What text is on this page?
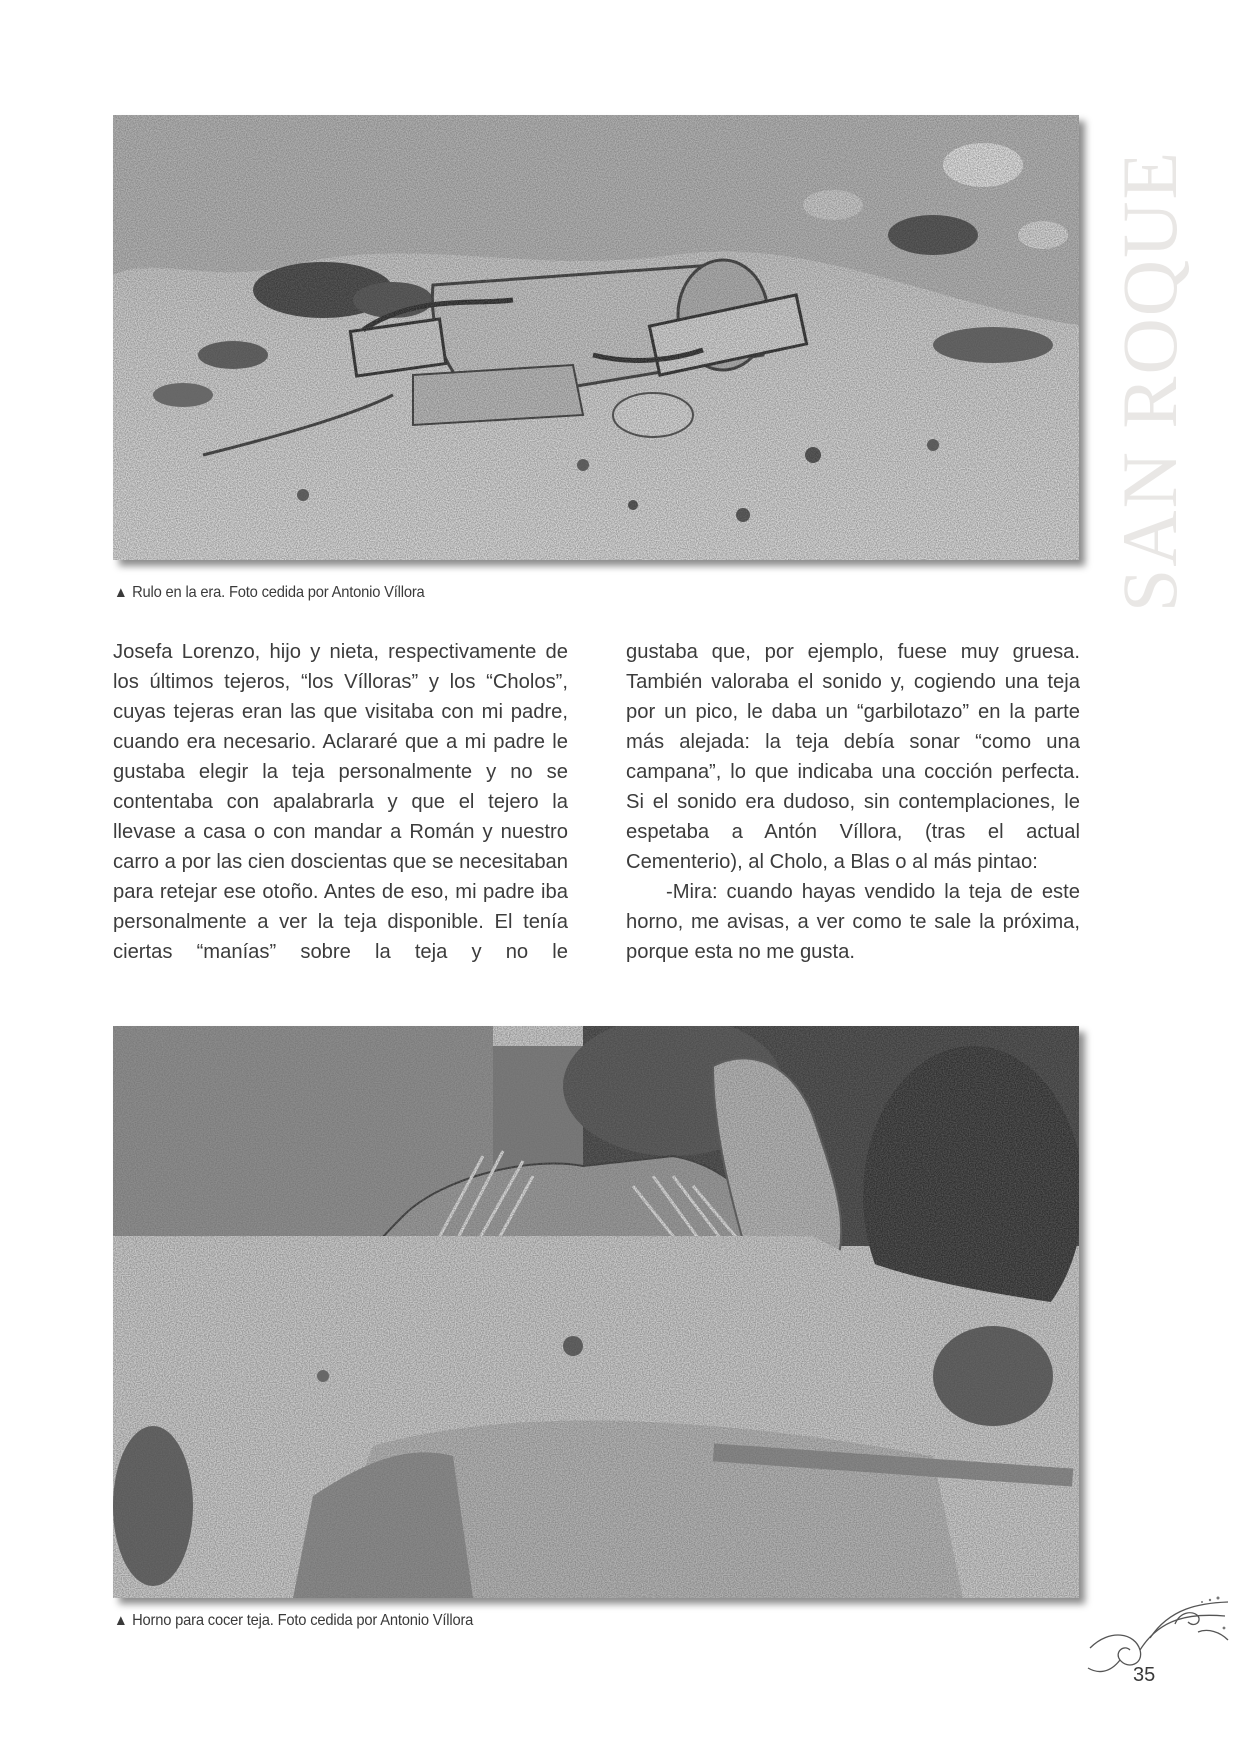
SAN ROQUE
▲ Rulo en la era. Foto cedida por Antonio Víllora

Josefa Lorenzo, hijo y nieta, respectivamente de los últimos tejeros, “los Vílloras” y los “Cholos”, cuyas tejeras eran las que visitaba con mi padre, cuando era necesario. Aclararé que a mi padre le gustaba elegir la teja personalmente y no se contentaba con apalabrarla y que el tejero la llevase a casa o con mandar a Román y nuestro carro a por las cien doscientas que se necesitaban para retejar ese otoño. Antes de eso, mi padre iba personalmente a ver la teja disponible. El tenía ciertas “manías” sobre la teja y no le

gustaba que, por ejemplo, fuese muy gruesa. También valoraba el sonido y, cogiendo una teja por un pico, le daba un “garbilotazo” en la parte más alejada: la teja debía sonar “como una campana”, lo que indicaba una cocción perfecta. Si el sonido era dudoso, sin contemplaciones, le espetaba a Antón Víllora, (tras el actual Cementerio), al Cholo, a Blas o al más pintao:

-Mira: cuando hayas vendido la teja de este horno, me avisas, a ver como te sale la próxima, porque esta no me gusta.

▲ Horno para cocer teja. Foto cedida por Antonio Víllora
35
